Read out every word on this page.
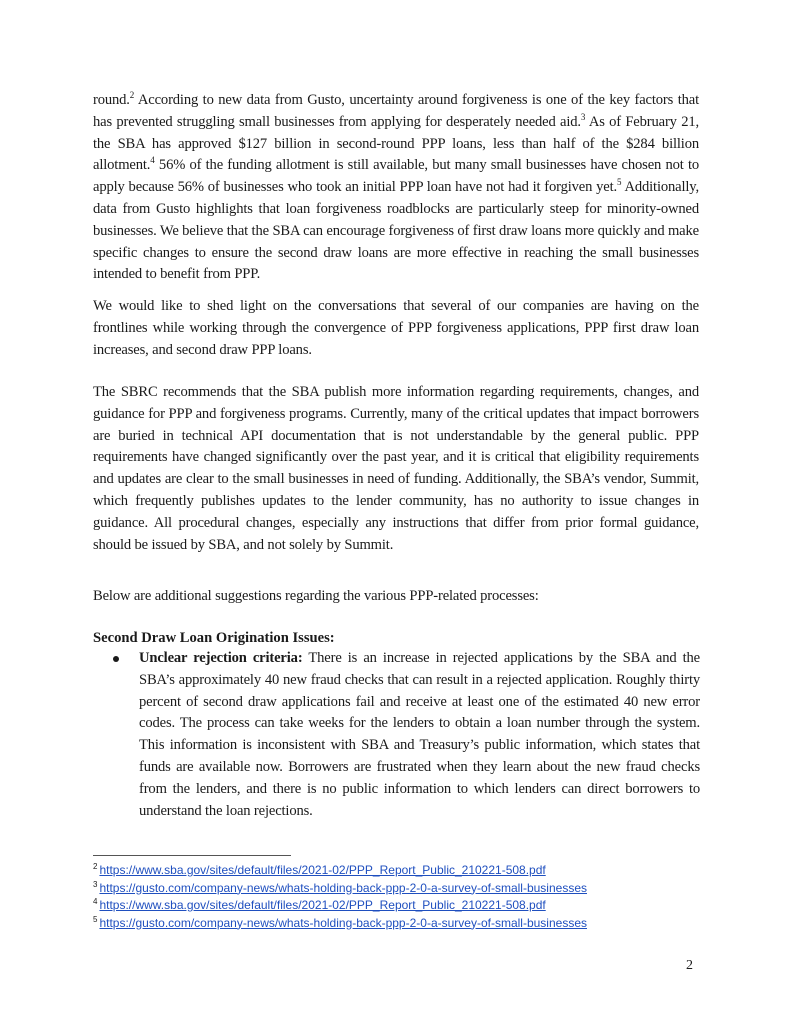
round.$^2$ According to new data from Gusto, uncertainty around forgiveness is one of the key factors that has prevented struggling small businesses from applying for desperately needed aid.$^3$ As of February 21, the SBA has approved $127 billion in second-round PPP loans, less than half of the $284 billion allotment.$^4$ 56% of the funding allotment is still available, but many small businesses have chosen not to apply because 56% of businesses who took an initial PPP loan have not had it forgiven yet.$^5$ Additionally, data from Gusto highlights that loan forgiveness roadblocks are particularly steep for minority-owned businesses. We believe that the SBA can encourage forgiveness of first draw loans more quickly and make specific changes to ensure the second draw loans are more effective in reaching the small businesses intended to benefit from PPP.

We would like to shed light on the conversations that several of our companies are having on the frontlines while working through the convergence of PPP forgiveness applications, PPP first draw loan increases, and second draw PPP loans.

The SBRC recommends that the SBA publish more information regarding requirements, changes, and guidance for PPP and forgiveness programs. Currently, many of the critical updates that impact borrowers are buried in technical API documentation that is not understandable by the general public. PPP requirements have changed significantly over the past year, and it is critical that eligibility requirements and updates are clear to the small businesses in need of funding. Additionally, the SBA’s vendor, Summit, which frequently publishes updates to the lender community, has no authority to issue changes in guidance. All procedural changes, especially any instructions that differ from prior formal guidance, should be issued by SBA, and not solely by Summit.

Below are additional suggestions regarding the various PPP-related processes:

Second Draw Loan Origination Issues:
Unclear rejection criteria: There is an increase in rejected applications by the SBA and the SBA’s approximately 40 new fraud checks that can result in a rejected application. Roughly thirty percent of second draw applications fail and receive at least one of the estimated 40 new error codes. The process can take weeks for the lenders to obtain a loan number through the system. This information is inconsistent with SBA and Treasury’s public information, which states that funds are available now. Borrowers are frustrated when they learn about the new fraud checks from the lenders, and there is no public information to which lenders can direct borrowers to understand the loan rejections.
$^2$ https://www.sba.gov/sites/default/files/2021-02/PPP_Report_Public_210221-508.pdf
$^3$ https://gusto.com/company-news/whats-holding-back-ppp-2-0-a-survey-of-small-businesses
$^4$ https://www.sba.gov/sites/default/files/2021-02/PPP_Report_Public_210221-508.pdf
$^5$ https://gusto.com/company-news/whats-holding-back-ppp-2-0-a-survey-of-small-businesses
2
